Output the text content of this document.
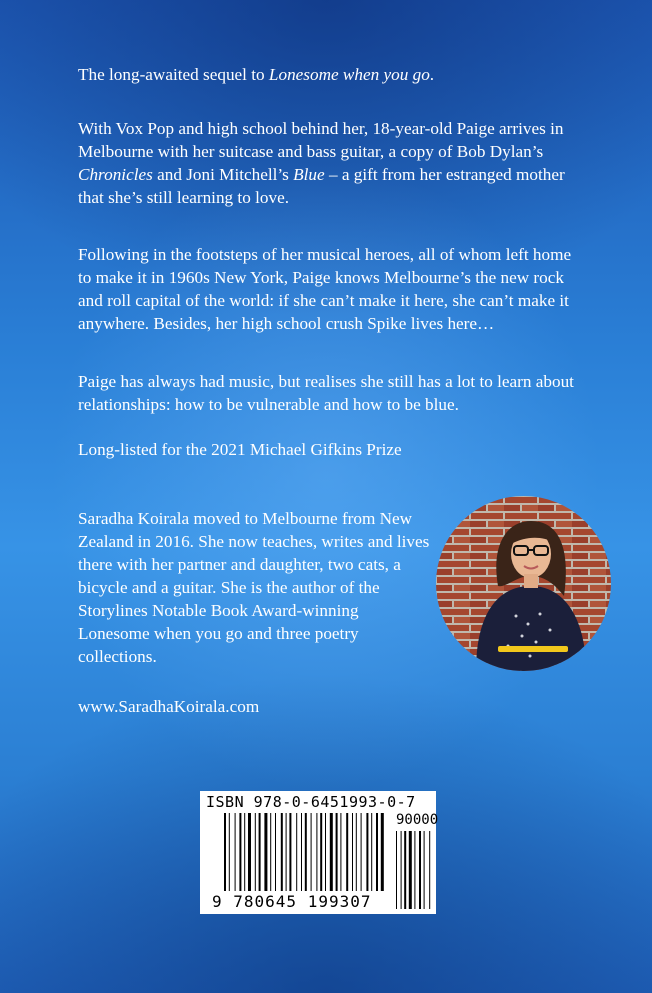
The long-awaited sequel to Lonesome when you go.

With Vox Pop and high school behind her, 18-year-old Paige arrives in Melbourne with her suitcase and bass guitar, a copy of Bob Dylan’s Chronicles and Joni Mitchell’s Blue – a gift from her estranged mother that she’s still learning to love.

Following in the footsteps of her musical heroes, all of whom left home to make it in 1960s New York, Paige knows Melbourne’s the new rock and roll capital of the world: if she can’t make it here, she can’t make it anywhere. Besides, her high school crush Spike lives here…

Paige has always had music, but realises she still has a lot to learn about relationships: how to be vulnerable and how to be blue.

Long-listed for the 2021 Michael Gifkins Prize

Saradha Koirala moved to Melbourne from New Zealand in 2016. She now teaches, writes and lives there with her partner and daughter, two cats, a bicycle and a guitar. She is the author of the Storylines Notable Book Award-winning Lonesome when you go and three poetry collections.

www.SaradhaKoirala.com

ISBN 978-0-6451993-0-7
90000
9 780645 199307
